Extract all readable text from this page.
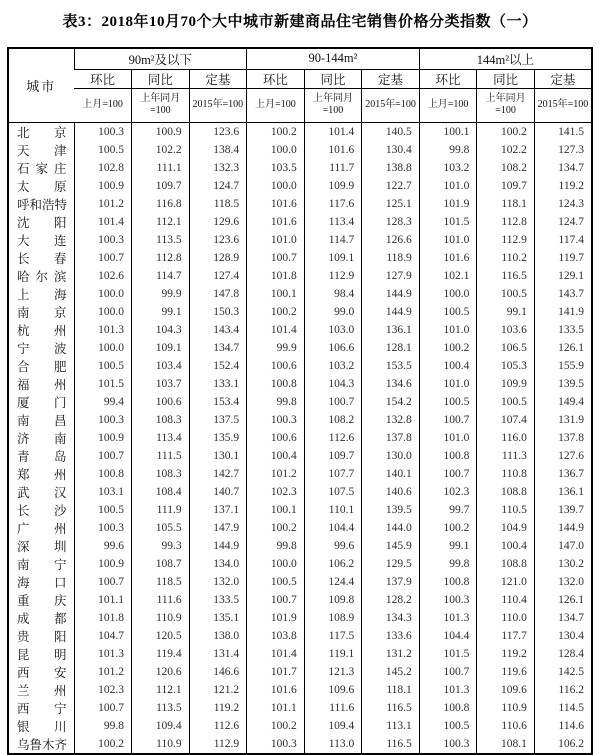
表3：2018年10月70个大中城市新建商品住宅销售价格分类指数（一）
城市	90m²及以下			90-144m²			144m²以上		
	环比	同比	定基	环比	同比	定基	环比	同比	定基
	上月=100	上年同月=100	2015年=100	上月=100	上年同月=100	2015年=100	上月=100	上年同月=100	2015年=100
北京	100.3	100.9	123.6	100.2	101.4	140.5	100.1	100.2	141.5
天津	100.5	102.2	138.4	100.0	101.6	130.4	99.8	102.2	127.3
石家庄	102.8	111.1	132.3	103.5	111.7	138.8	103.2	108.2	134.7
太原	100.9	109.7	124.7	100.0	109.9	122.7	101.0	109.7	119.2
呼和浩特	101.2	116.8	118.5	101.6	117.6	125.1	101.9	118.1	124.3
沈阳	101.4	112.1	129.6	101.6	113.4	128.3	101.5	112.8	124.7
大连	100.3	113.5	123.6	101.0	114.7	126.6	101.0	112.9	117.4
长春	100.7	112.8	128.9	100.7	109.1	118.9	101.6	110.2	119.7
哈尔滨	102.6	114.7	127.4	101.8	112.9	127.9	102.1	116.5	129.1
上海	100.0	99.9	147.8	100.1	98.4	144.9	100.0	100.5	143.7
南京	100.0	99.1	150.3	100.2	99.0	144.9	100.5	99.1	141.9
杭州	101.3	104.3	143.4	101.4	103.0	136.1	101.0	103.6	133.5
宁波	100.0	109.1	134.7	99.9	106.6	128.1	100.2	106.5	126.1
合肥	100.5	103.4	152.4	100.6	103.2	153.5	100.4	105.3	155.9
福州	101.5	103.7	133.1	100.8	104.3	134.6	101.0	109.9	139.5
厦门	99.4	100.6	153.4	99.8	100.7	154.2	100.5	100.5	149.4
南昌	100.3	108.3	137.5	100.3	108.2	132.8	100.7	107.4	131.9
济南	100.9	113.4	135.9	100.6	112.6	137.8	101.0	116.0	137.8
青岛	100.7	111.5	130.1	100.4	109.7	130.0	100.8	111.3	127.6
郑州	100.8	108.3	142.7	101.2	107.7	140.1	100.7	110.8	136.7
武汉	103.1	108.4	140.7	102.3	107.5	140.6	102.3	108.8	136.1
长沙	100.5	111.9	137.1	100.1	110.1	139.5	99.7	110.5	139.7
广州	100.3	105.5	147.9	100.2	104.4	144.0	100.2	104.9	144.9
深圳	99.6	99.3	144.9	99.8	99.6	145.9	99.1	100.4	147.0
南宁	100.9	108.7	134.0	100.0	106.2	129.5	99.8	108.8	130.2
海口	100.7	118.5	132.0	100.5	124.4	137.9	100.8	121.0	132.0
重庆	101.1	111.6	133.5	100.7	109.8	128.2	100.3	110.4	126.1
成都	101.8	110.9	135.1	101.9	108.9	134.3	101.3	110.0	134.7
贵阳	104.7	120.5	138.0	103.8	117.5	133.6	104.4	117.7	130.4
昆明	101.3	119.4	131.4	101.4	119.1	131.2	101.5	119.2	128.4
西安	101.2	120.6	146.6	101.7	121.3	145.2	100.7	119.6	142.5
兰州	102.3	112.1	121.2	101.6	109.6	118.1	101.3	109.6	116.2
西宁	100.7	113.5	119.2	101.1	111.6	116.5	100.8	110.9	114.5
银川	99.8	109.4	112.6	100.2	109.4	113.1	100.5	110.6	114.6
乌鲁木齐	100.2	110.9	112.9	100.3	113.0	116.5	100.3	108.1	106.2
